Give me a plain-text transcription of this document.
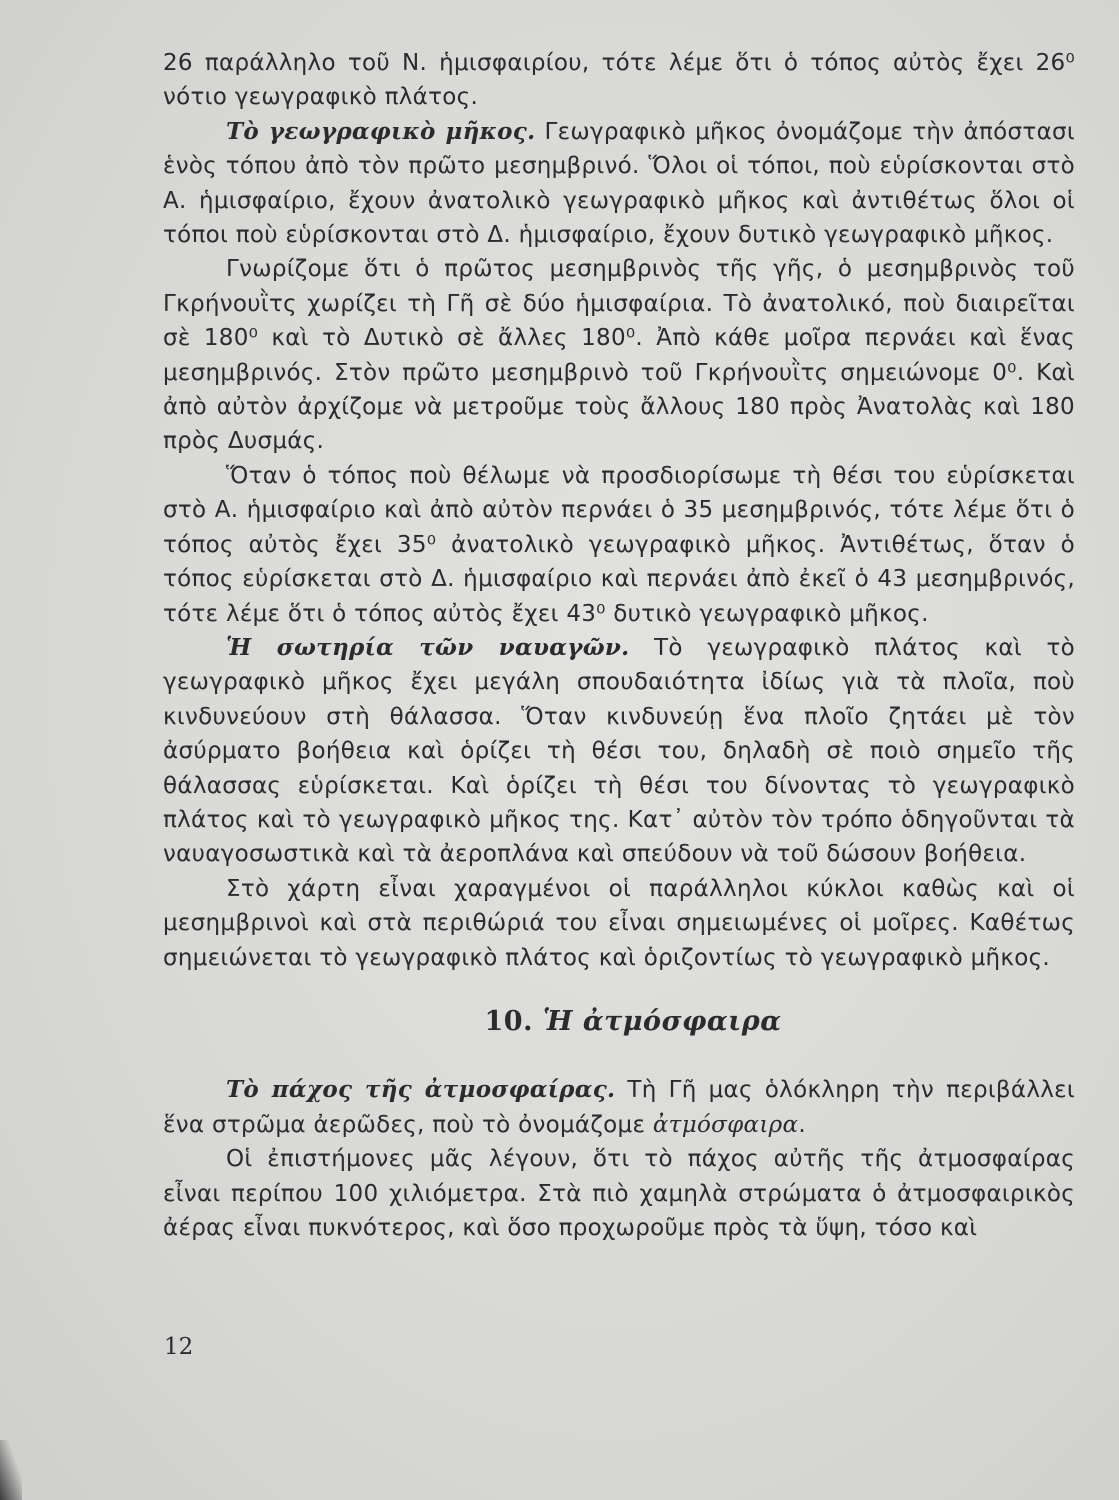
26 παράλληλο τοῦ Ν. ἡμισφαιρίου, τότε λέμε ὅτι ὁ τόπος αὐτὸς ἔχει 26⁰ νότιο γεωγραφικὸ πλάτος.

Τὸ γεωγραφικὸ μῆκος. Γεωγραφικὸ μῆκος ὀνομάζομε τὴν ἀπόστασι ἑνὸς τόπου ἀπὸ τὸν πρῶτο μεσημβρινό. Ὅλοι οἱ τόποι, ποὺ εὑρίσκονται στὸ Α. ἡμισφαίριο, ἔχουν ἀνατολικὸ γεωγραφικὸ μῆκος καὶ ἀντιθέτως ὅλοι οἱ τόποι ποὺ εὑρίσκονται στὸ Δ. ἡμισφαίριο, ἔχουν δυτικὸ γεωγραφικὸ μῆκος.

Γνωρίζομε ὅτι ὁ πρῶτος μεσημβρινὸς τῆς γῆς, ὁ μεσημβρινὸς τοῦ Γκρήνουῒτς χωρίζει τὴ Γῆ σὲ δύο ἡμισφαίρια. Τὸ ἀνατολικό, ποὺ διαιρεῖται σὲ 180⁰ καὶ τὸ Δυτικὸ σὲ ἄλλες 180⁰. Ἀπὸ κάθε μοῖρα περνάει καὶ ἕνας μεσημβρινός. Στὸν πρῶτο μεσημβρινὸ τοῦ Γκρήνουῒτς σημειώνομε 0⁰. Καὶ ἀπὸ αὐτὸν ἀρχίζομε νὰ μετροῦμε τοὺς ἄλλους 180 πρὸς Ἀνατολὰς καὶ 180 πρὸς Δυσμάς.

Ὅταν ὁ τόπος ποὺ θέλωμε νὰ προσδιορίσωμε τὴ θέσι του εὑρίσκεται στὸ Α. ἡμισφαίριο καὶ ἀπὸ αὐτὸν περνάει ὁ 35 μεσημβρινός, τότε λέμε ὅτι ὁ τόπος αὐτὸς ἔχει 35⁰ ἀνατολικὸ γεωγραφικὸ μῆκος. Ἀντιθέτως, ὅταν ὁ τόπος εὑρίσκεται στὸ Δ. ἡμισφαίριο καὶ περνάει ἀπὸ ἐκεῖ ὁ 43 μεσημβρινός, τότε λέμε ὅτι ὁ τόπος αὐτὸς ἔχει 43⁰ δυτικὸ γεωγραφικὸ μῆκος.

Ἡ σωτηρία τῶν ναυαγῶν. Τὸ γεωγραφικὸ πλάτος καὶ τὸ γεωγραφικὸ μῆκος ἔχει μεγάλη σπουδαιότητα ἰδίως γιὰ τὰ πλοῖα, ποὺ κινδυνεύουν στὴ θάλασσα. Ὅταν κινδυνεύῃ ἕνα πλοῖο ζητάει μὲ τὸν ἀσύρματο βοήθεια καὶ ὁρίζει τὴ θέσι του, δηλαδὴ σὲ ποιὸ σημεῖο τῆς θάλασσας εὑρίσκεται. Καὶ ὁρίζει τὴ θέσι του δίνοντας τὸ γεωγραφικὸ πλάτος καὶ τὸ γεωγραφικὸ μῆκος της. Κατ᾽ αὐτὸν τὸν τρόπο ὁδηγοῦνται τὰ ναυαγοσωστικὰ καὶ τὰ ἀεροπλάνα καὶ σπεύδουν νὰ τοῦ δώσουν βοήθεια.

Στὸ χάρτη εἶναι χαραγμένοι οἱ παράλληλοι κύκλοι καθὼς καὶ οἱ μεσημβρινοὶ καὶ στὰ περιθώριά του εἶναι σημειωμένες οἱ μοῖρες. Καθέτως σημειώνεται τὸ γεωγραφικὸ πλάτος καὶ ὁριζοντίως τὸ γεωγραφικὸ μῆκος.

10. Ἡ ἀτμόσφαιρα

Τὸ πάχος τῆς ἀτμοσφαίρας. Τὴ Γῆ μας ὁλόκληρη τὴν περιβάλλει ἕνα στρῶμα ἀερῶδες, ποὺ τὸ ὀνομάζομε ἀτμόσφαιρα.

Οἱ ἐπιστήμονες μᾶς λέγουν, ὅτι τὸ πάχος αὐτῆς τῆς ἀτμοσφαίρας εἶναι περίπου 100 χιλιόμετρα. Στὰ πιὸ χαμηλὰ στρώματα ὁ ἀτμοσφαιρικὸς ἀέρας εἶναι πυκνότερος, καὶ ὅσο προχωροῦμε πρὸς τὰ ὕψη, τόσο καὶ

12
